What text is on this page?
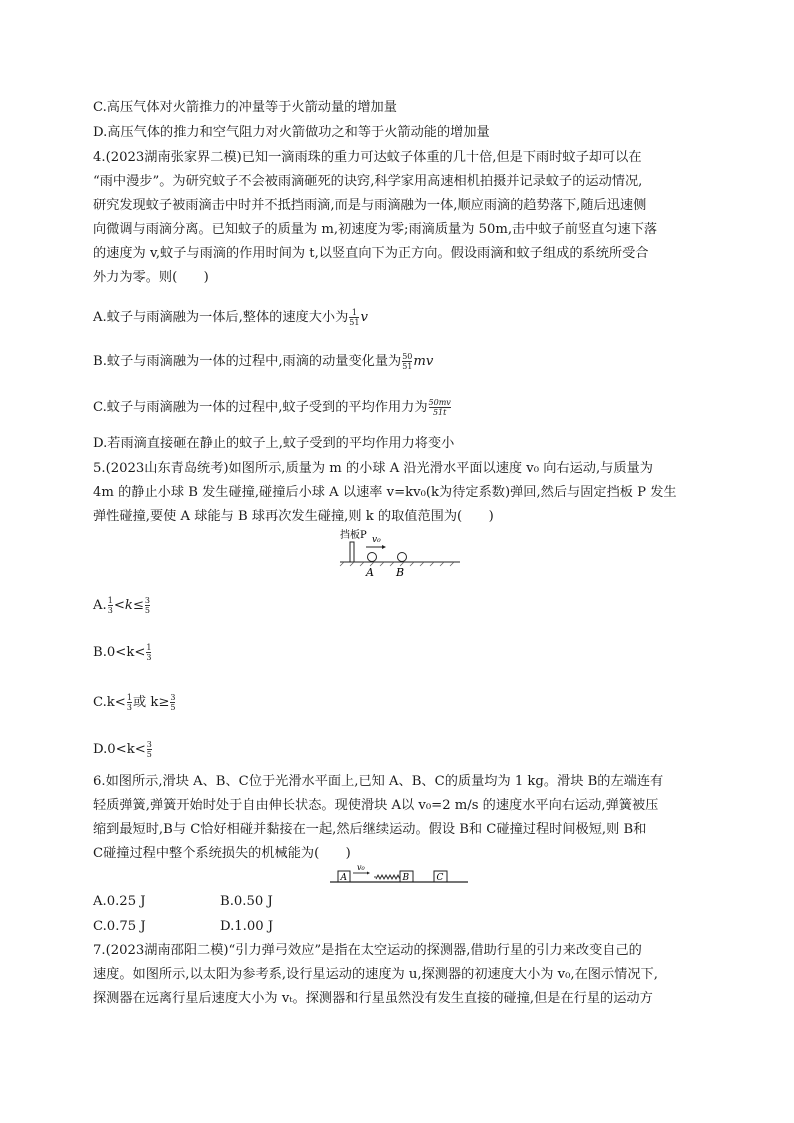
C.高压气体对火箭推力的冲量等于火箭动量的增加量
D.高压气体的推力和空气阻力对火箭做功之和等于火箭动能的增加量
4.(2023湖南张家界二模)已知一滴雨珠的重力可达蚊子体重的几十倍,但是下雨时蚊子却可以在
“雨中漫步”。为研究蚊子不会被雨滴砸死的诀窍,科学家用高速相机拍摄并记录蚊子的运动情况,
研究发现蚊子被雨滴击中时并不抵挡雨滴,而是与雨滴融为一体,顺应雨滴的趋势落下,随后迅速侧
向微调与雨滴分离。已知蚊子的质量为 m,初速度为零;雨滴质量为 50m,击中蚊子前竖直匀速下落
的速度为 v,蚊子与雨滴的作用时间为 t,以竖直向下为正方向。假设雨滴和蚊子组成的系统所受合
外力为零。则(　　)
A.蚊子与雨滴融为一体后,整体的速度大小为 $\frac{1}{51}$ v
B.蚊子与雨滴融为一体的过程中,雨滴的动量变化量为 $\frac{50}{51}$ mv
C.蚊子与雨滴融为一体的过程中,蚊子受到的平均作用力为 $\frac{50mv}{51t}$
D.若雨滴直接砸在静止的蚊子上,蚊子受到的平均作用力将变小
5.(2023山东青岛统考)如图所示,质量为 m 的小球 A 沿光滑水平面以速度 v₀ 向右运动,与质量为
4m 的静止小球 B 发生碰撞,碰撞后小球 A 以速率 v=kv₀(k为待定系数)弹回,然后与固定挡板 P 发生
弹性碰撞,要使 A 球能与 B 球再次发生碰撞,则 k 的取值范围为(　　)
挡板P v₀
A B
A. $\frac{1}{3} <k\le \frac{3}{5}$
$B.0<k< \frac{1}{3}$
$C.k< \frac{1}{3}$ 或 $k\ge \frac{3}{5}$
$D.0<k< \frac{3}{5}$
6.如图所示,滑块 A、B、C位于光滑水平面上,已知 A、B、C的质量均为 1 kg。滑块 B的左端连有
轻质弹簧,弹簧开始时处于自由伸长状态。现使滑块 A以 v₀=2 m/s 的速度水平向右运动,弹簧被压
缩到最短时,B与 C恰好相碰并黏接在一起,然后继续运动。假设 B和 C碰撞过程时间极短,则 B和
C碰撞过程中整个系统损失的机械能为(　　)
v₀
A	B	C
A.0.25 J	B.0.50 J
C.0.75 J	D.1.00 J
7.(2023湖南邵阳二模)“引力弹弓效应”是指在太空运动的探测器,借助行星的引力来改变自己的
速度。如图所示,以太阳为参考系,设行星运动的速度为 u,探测器的初速度大小为 v₀,在图示情况下,
探测器在远离行星后速度大小为 vₜ。探测器和行星虽然没有发生直接的碰撞,但是在行星的运动方
